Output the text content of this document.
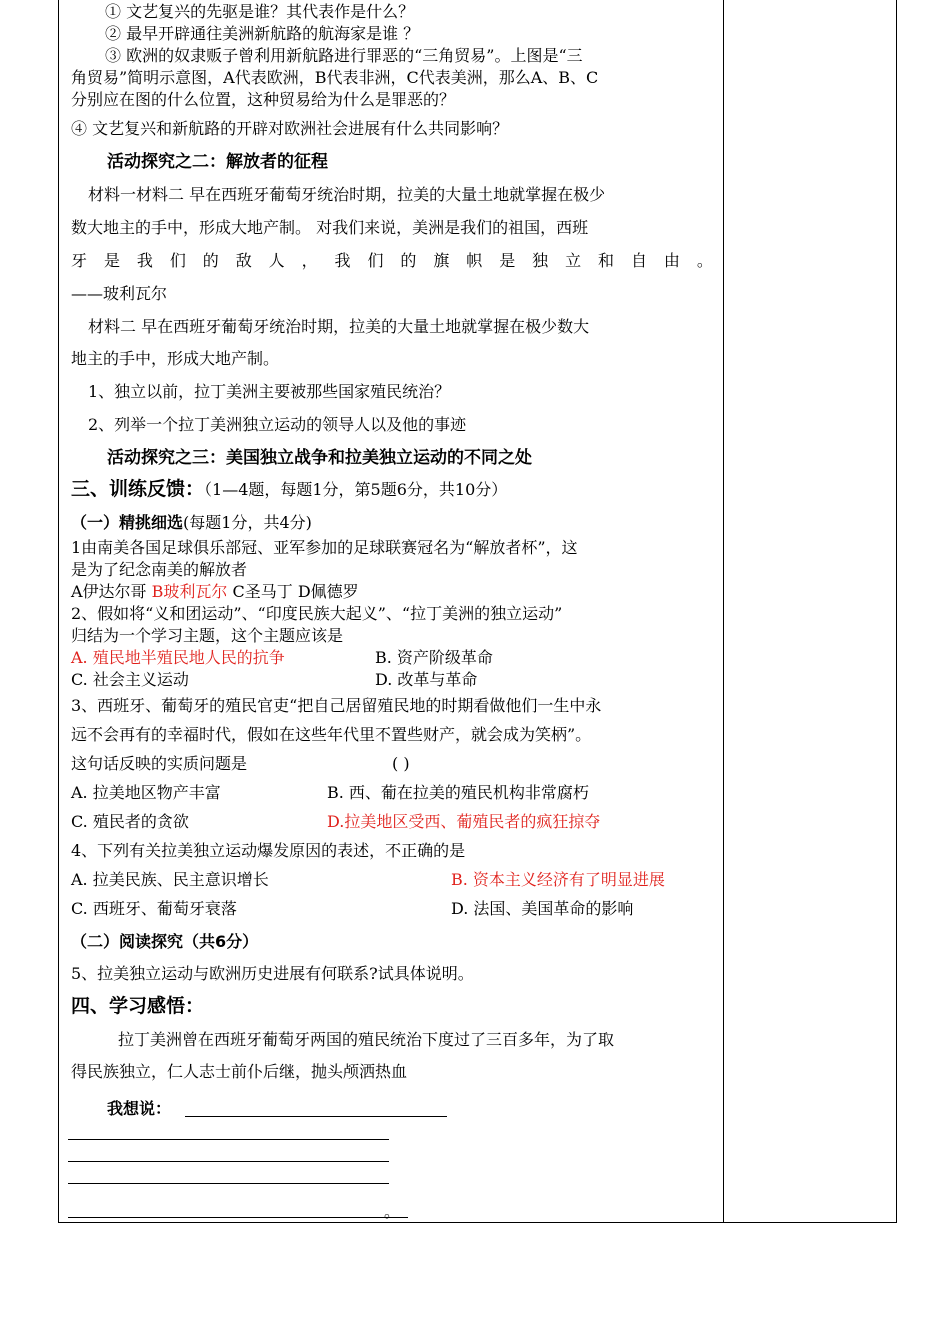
① 文艺复兴的先驱是谁？其代表作是什么？
② 最早开辟通往美洲新航路的航海家是谁 ？
③ 欧洲的奴隶贩子曾利用新航路进行罪恶的“三角贸易”。上图是“三
角贸易”简明示意图，A代表欧洲，B代表非洲，C代表美洲，那么A、B、C
分别应在图的什么位置，这种贸易给为什么是罪恶的？
④ 文艺复兴和新航路的开辟对欧洲社会进展有什么共同影响？
活动探究之二：解放者的征程
材料一材料二 早在西班牙葡萄牙统治时期，拉美的大量土地就掌握在极少
数大地主的手中，形成大地产制。 对我们来说，美洲是我们的祖国，西班
牙 是 我 们 的 敌 人 ， 我 们 的 旗 帜 是 独 立 和 自 由 。
——玻利瓦尔
材料二 早在西班牙葡萄牙统治时期，拉美的大量土地就掌握在极少数大
地主的手中，形成大地产制。
1、独立以前，拉丁美洲主要被那些国家殖民统治？
2、列举一个拉丁美洲独立运动的领导人以及他的事迹
活动探究之三：美国独立战争和拉美独立运动的不同之处
三、训练反馈：（1—4题，每题1分，第5题6分，共10分）
（一）精挑细选(每题1分，共4分)
1由南美各国足球俱乐部冠、亚军参加的足球联赛冠名为“解放者杯”，这
是为了纪念南美的解放者
A伊达尔哥 B玻利瓦尔 C圣马丁 D佩德罗
2、假如将“义和团运动”、“印度民族大起义”、“拉丁美洲的独立运动”
归结为一个学习主题，这个主题应该是
A. 殖民地半殖民地人民的抗争	B. 资产阶级革命
C. 社会主义运动	D. 改革与革命
3、西班牙、葡萄牙的殖民官吏“把自己居留殖民地的时期看做他们一生中永
远不会再有的幸福时代，假如在这些年代里不置些财产，就会成为笑柄”。
这句话反映的实质问题是	( )
A. 拉美地区物产丰富	B. 西、葡在拉美的殖民机构非常腐朽
C. 殖民者的贪欲	D.拉美地区受西、葡殖民者的疯狂掠夺
4、下列有关拉美独立运动爆发原因的表述，不正确的是
A. 拉美民族、民主意识增长	B. 资本主义经济有了明显进展
C. 西班牙、葡萄牙衰落	D. 法国、美国革命的影响
（二）阅读探究（共6分）
5、拉美独立运动与欧洲历史进展有何联系?试具体说明。
四、学习感悟：
拉丁美洲曾在西班牙葡萄牙两国的殖民统治下度过了三百多年，为了取
得民族独立，仁人志士前仆后继，抛头颅洒热血
我想说：
。
